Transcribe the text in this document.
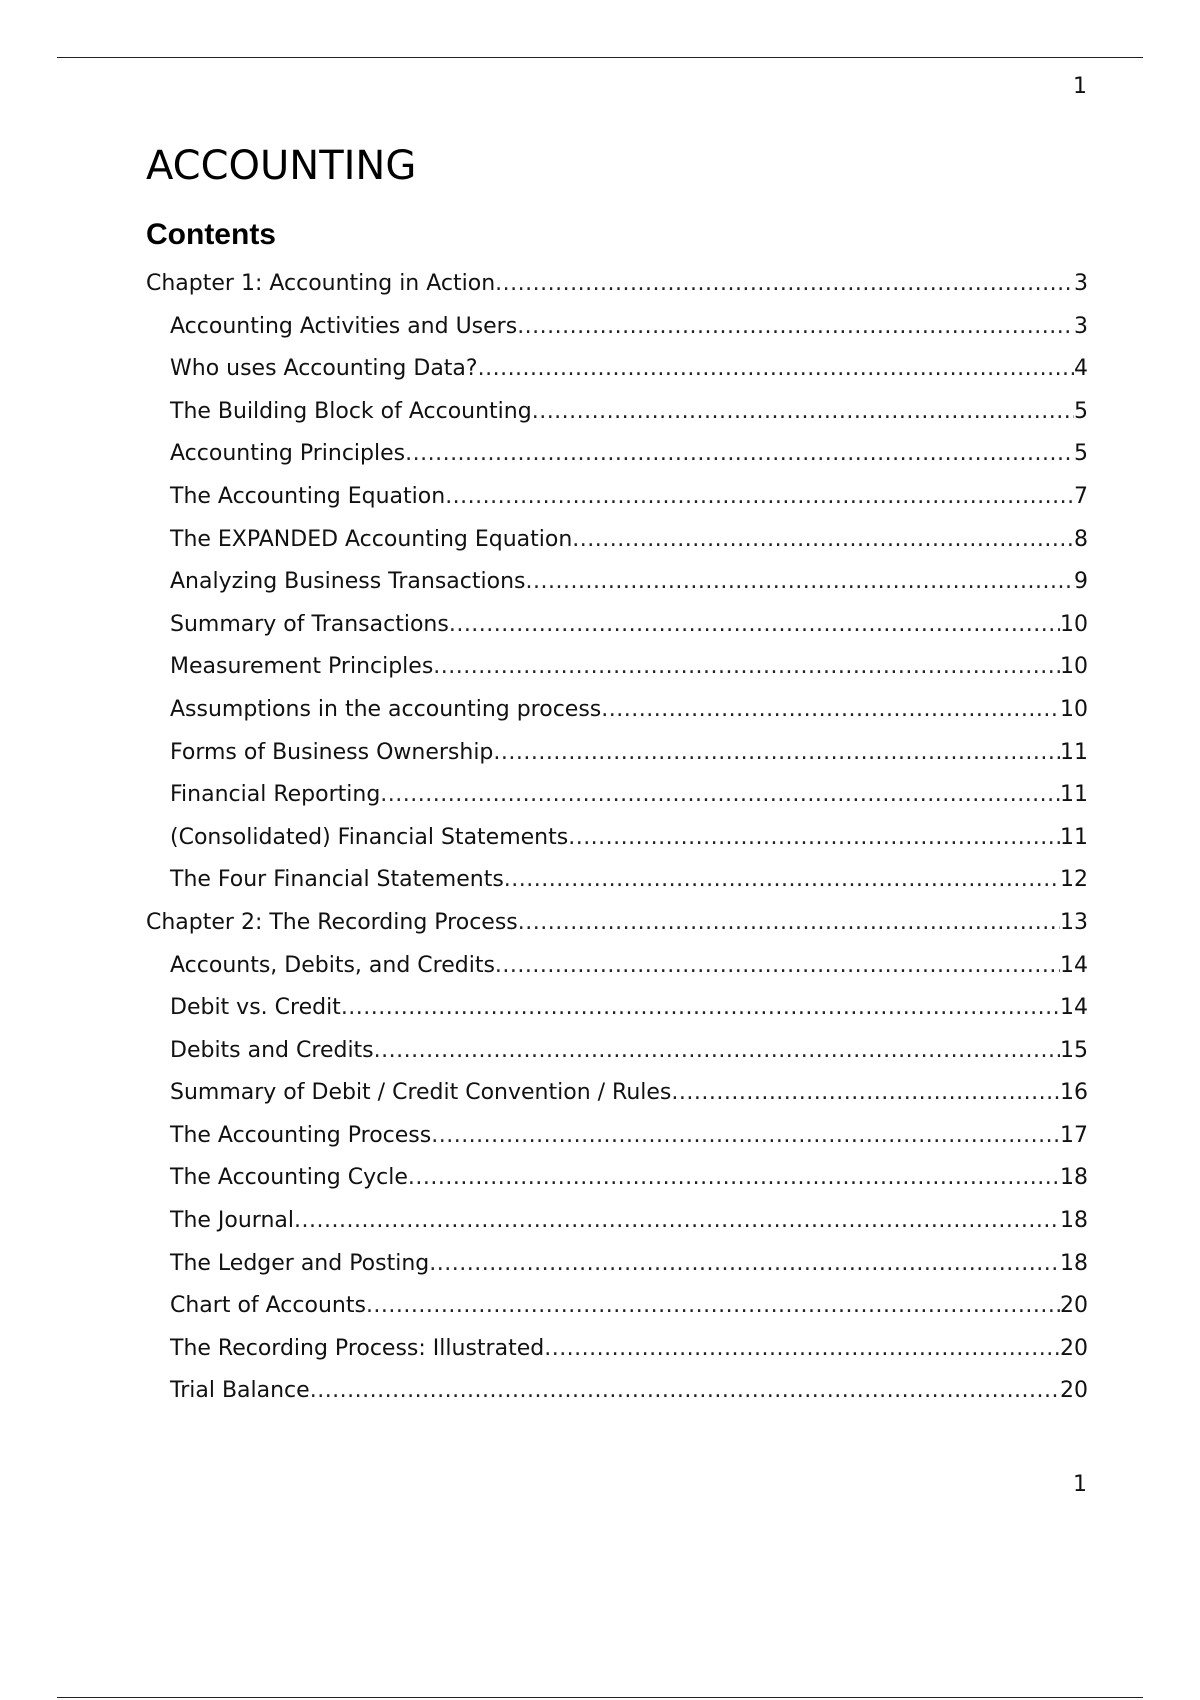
1
ACCOUNTING
Contents
Chapter 1: Accounting in Action .....	3
Accounting Activities and Users .....	3
Who uses Accounting Data? .....	4
The Building Block of Accounting .....	5
Accounting Principles .....	5
The Accounting Equation .....	7
The EXPANDED Accounting Equation .....	8
Analyzing Business Transactions .....	9
Summary of Transactions .....	10
Measurement Principles .....	10
Assumptions in the accounting process .....	10
Forms of Business Ownership .....	11
Financial Reporting .....	11
(Consolidated) Financial Statements .....	11
The Four Financial Statements .....	12
Chapter 2: The Recording Process .....	13
Accounts, Debits, and Credits .....	14
Debit vs. Credit .....	14
Debits and Credits .....	15
Summary of Debit / Credit Convention / Rules .....	16
The Accounting Process .....	17
The Accounting Cycle .....	18
The Journal .....	18
The Ledger and Posting .....	18
Chart of Accounts .....	20
The Recording Process: Illustrated .....	20
Trial Balance .....	20
1
